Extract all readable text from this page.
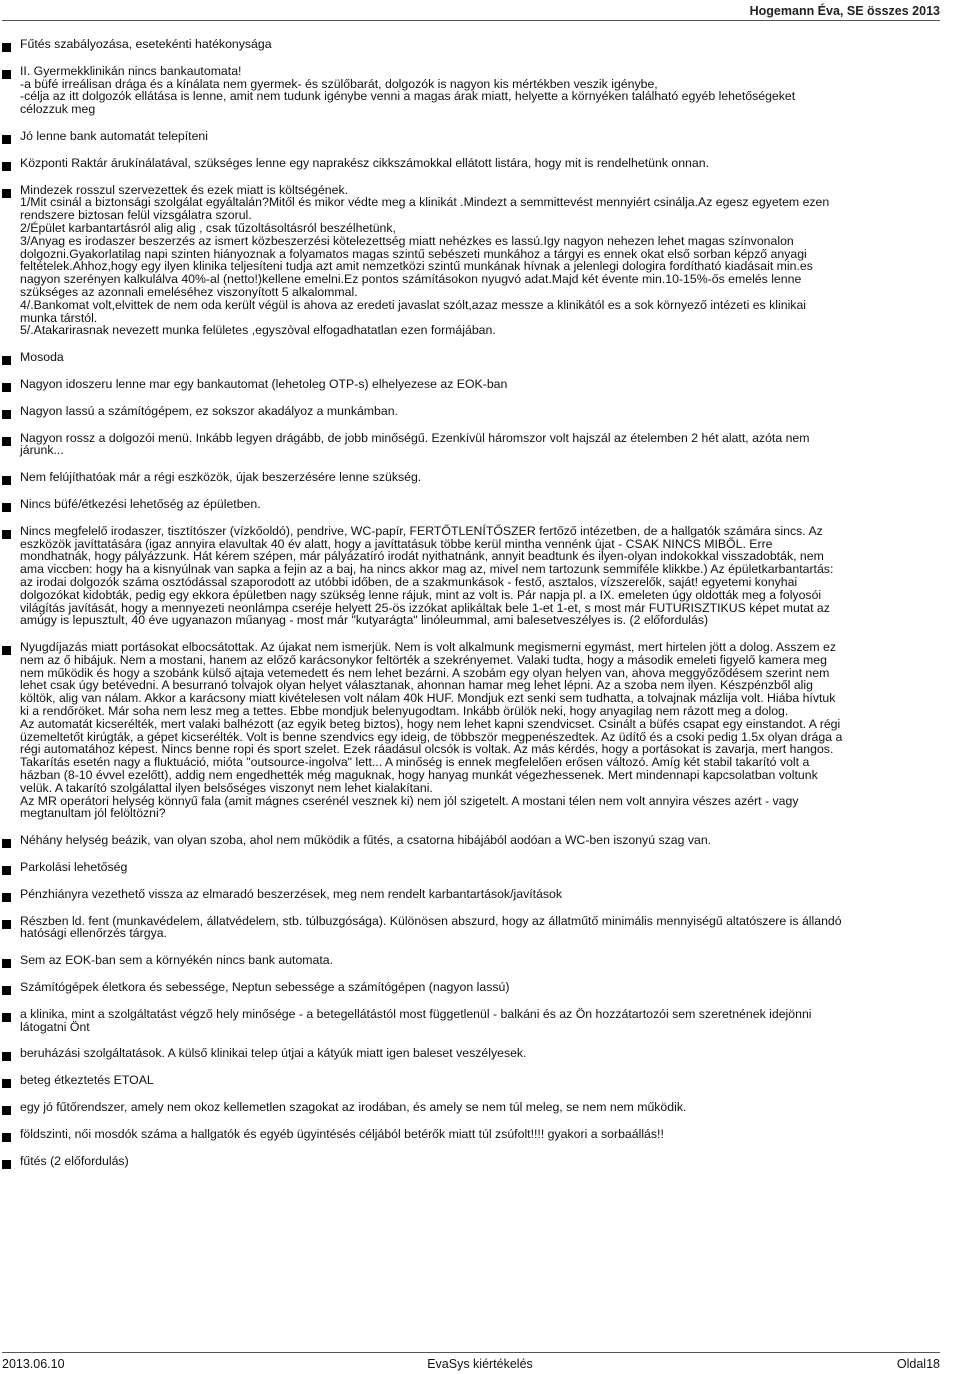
Hogemann Éva, SE összes 2013
Fűtés szabályozása, esetekénti hatékonysága
II. Gyermekklinikán nincs bankautomata!
-a büfé irreálisan drága és a kínálata nem gyermek- és szülőbarát, dolgozók is nagyon kis mértékben veszik igénybe,
-célja az itt dolgozók ellátása is lenne, amit nem tudunk igénybe venni a magas árak miatt, helyette a környéken található egyéb lehetőségeket
célozzuk meg
Jó lenne bank automatát telepíteni
Központi Raktár árukínálatával, szükséges lenne egy naprakész cikkszámokkal ellátott listára, hogy mit is rendelhetünk onnan.
Mindezek rosszul szervezettek és ezek miatt is költségének.
1/Mit csinál a biztonsági szolgálat egyáltalán?Mitől és mikor védte meg a klinikát .Mindezt a semmittevést mennyiért csinálja.Az egesz egyetem ezen
rendszere biztosan felül vizsgálatra szorul.
2/Épület karbantartásról alig alig , csak tűzoltásoltásról beszélhetünk,
3/Anyag es irodaszer beszerzés az ismert közbeszerzési kötelezettség miatt nehézkes es lassú.Igy nagyon nehezen lehet magas színvonalon
dolgozni.Gyakorlatilag napi szinten hiányoznak a folyamatos magas szintű sebészeti munkához a tárgyi es ennek okat első sorban képző anyagi
feltételek.Ahhoz,hogy egy ilyen klinika teljesíteni tudja azt amit nemzetközi szintű munkának hívnak a jelenlegi dologira fordítható kiadásait min.es
nagyon szerényen kalkulálva 40%-al (netto!)kellene emelni.Ez pontos számításokon nyugvó adat.Majd két évente min.10-15%-ős emelés lenne
szükséges az azonnali emeléséhez viszonyított 5 alkalommal.
4/.Bankomat volt,elvittek de nem oda került végül is ahova az eredeti javaslat szólt,azaz messze a klinikától es a sok környező intézeti es klinikai
munka társtól.
5/.Atakarirasnak nevezett munka felületes ,egyszòval elfogadhatatlan ezen formájában.
Mosoda
Nagyon idoszeru lenne mar egy bankautomat (lehetoleg OTP-s) elhelyezese az EOK-ban
Nagyon lassú a számítógépem, ez sokszor akadályoz a munkámban.
Nagyon rossz a dolgozói menü. Inkább legyen drágább, de jobb minőségű. Ezenkívül háromszor volt hajszál az ételemben 2 hét alatt, azóta nem
járunk...
Nem felújíthatóak már a régi eszközök, újak beszerzésére lenne szükség.
Nincs büfé/étkezési lehetőség az épületben.
Nincs megfelelő irodaszer, tisztítószer (vízkőoldó), pendrive, WC-papír, FERTŐTLENÍTŐSZER fertőző intézetben, de a hallgatók számára sincs. Az
eszközök javíttatására (igaz annyira elavultak 40 év alatt, hogy a javíttatásuk többe kerül mintha vennénk újat - CSAK NINCS MIBŐL. Erre
mondhatnák, hogy pályázzunk. Hát kérem szépen, már pályázatíró irodát nyithatnánk, annyit beadtunk és ilyen-olyan indokokkal visszadobták, nem
ama viccben: hogy ha a kisnyúlnak van sapka a fejin az a baj, ha nincs akkor mag az, mivel nem tartozunk semmiféle klikkbe.) Az épületkarbantartás:
az irodai dolgozók száma osztódással szaporodott az utóbbi időben, de a szakmunkások - festő, asztalos, vízszerelők, saját! egyetemi konyhai
dolgozókat kidobták, pedig egy ekkora épületben nagy szükség lenne rájuk, mint az volt is. Pár napja pl. a IX. emeleten úgy oldották meg a folyosói
világítás javítását, hogy a mennyezeti neonlámpa cseréje helyett 25-ös izzókat aplikáltak bele 1-et 1-et, s most már FUTURISZTIKUS képet mutat az
amúgy is lepusztult, 40 éve ugyanazon műanyag - most már "kutyarágta" linóleummal, ami balesetveszélyes is. (2 előfordulás)
Nyugdíjazás miatt portásokat elbocsátottak. Az újakat nem ismerjük. Nem is volt alkalmunk megismerni egymást, mert hirtelen jött a dolog. Asszem ez
nem az ő hibájuk. Nem a mostani, hanem az előző karácsonykor feltörték a szekrényemet. Valaki tudta, hogy a második emeleti figyelő kamera meg
nem működik és hogy a szobánk külső ajtaja vetemedett és nem lehet bezárni. A szobám egy olyan helyen van, ahova meggyőződésem szerint nem
lehet csak úgy betévedni. A besurranó tolvajok olyan helyet választanak, ahonnan hamar meg lehet lépni. Az a szoba nem ilyen. Készpénzből alig
költök, alig van nálam. Akkor a karácsony miatt kivételesen volt nálam 40k HUF. Mondjuk ezt senki sem tudhatta, a tolvajnak mázlija volt. Hiába hívtuk
ki a rendőröket. Már soha nem lesz meg a tettes. Ebbe mondjuk belenyugodtam. Inkább örülök neki, hogy anyagilag nem rázott meg a dolog.
Az automatát kicserélték, mert valaki balhézott (az egyik beteg biztos), hogy nem lehet kapni szendvicset. Csinált a büfés csapat egy einstandot. A régi
üzemeltetőt kirúgták, a gépet kicserélték. Volt is benne szendvics egy ideig, de többször megpenészedtek. Az üdítő és a csoki pedig 1.5x olyan drága a
régi automatához képest. Nincs benne ropi és sport szelet. Ezek ráadásul olcsók is voltak. Az más kérdés, hogy a portásokat is zavarja, mert hangos.
Takarítás esetén nagy a fluktuáció, mióta "outsource-ingolva" lett... A minőség is ennek megfelelően erősen változó. Amíg két stabil takarító volt a
házban (8-10 évvel ezelőtt), addig nem engedhették még maguknak, hogy hanyag munkát végezhessenek. Mert mindennapi kapcsolatban voltunk
velük. A takarító szolgálattal ilyen belsőséges viszonyt nem lehet kialakítani.
Az MR operátori helység könnyű fala (amit mágnes cserénél vesznek ki) nem jól szigetelt. A mostani télen nem volt annyira vészes azért - vagy
megtanultam jól felöltözni?
Néhány helység beázik, van olyan szoba, ahol nem működik a fűtés, a csatorna hibájából aodóan a WC-ben iszonyú szag van.
Parkolási lehetőség
Pénzhiányra vezethető vissza az elmaradó beszerzések, meg nem rendelt karbantartások/javítások
Részben ld. fent (munkavédelem, állatvédelem, stb. túlbuzgósága). Különösen abszurd, hogy az állatműtő minimális mennyiségű altatószere is állandó
hatósági ellenőrzés tárgya.
Sem az EOK-ban sem a környékén nincs bank automata.
Számítógépek életkora és sebessége, Neptun sebessége a számítógépen (nagyon lassú)
a klinika, mint a szolgáltatást végző hely minősége - a betegellátástól most függetlenül - balkáni és az Ön hozzátartozói sem szeretnének idejönni
látogatni Önt
beruházási szolgáltatások. A külső klinikai telep útjai a kátyúk miatt igen baleset veszélyesek.
beteg étkeztetés ETOAL
egy jó fűtőrendszer, amely nem okoz kellemetlen szagokat az irodában, és amely se nem túl meleg, se nem nem működik.
földszinti, női mosdók száma a hallgatók és egyéb ügyintésés céljából betérők miatt túl zsúfolt!!!! gyakori a sorbaállás!!
fűtés (2 előfordulás)
2013.06.10	EvaSys kiértékelés	Oldal18
